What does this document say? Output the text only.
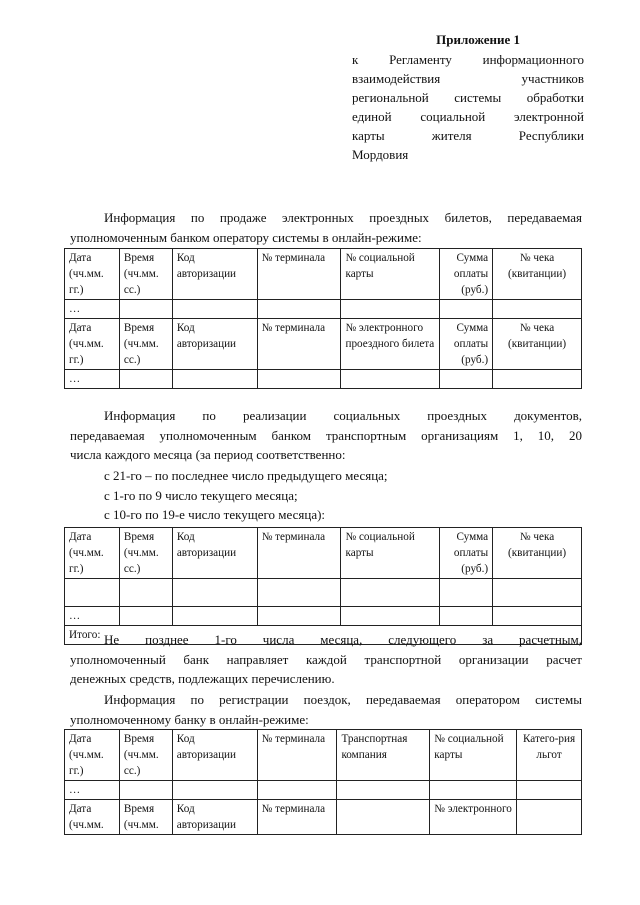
Приложение 1
к Регламенту информационного
взаимодействия участников
региональной системы обработки
единой социальной электронной
карты жителя Республики
Мордовия
Информация по продаже электронных проездных билетов, передаваемая
уполномоченным банком оператору системы в онлайн-режиме:
Дата (чч.мм. гг.)	Время (чч.мм. сс.)	Код авторизации	№ терминала	№ социальной карты	Сумма оплаты (руб.)	№ чека (квитанции)
…						
Дата (чч.мм. гг.)	Время (чч.мм. сс.)	Код авторизации	№ терминала	№ электронного проездного билета	Сумма оплаты (руб.)	№ чека (квитанции)
…						
Информация по реализации социальных проездных документов,
передаваемая уполномоченным банком транспортным организациям 1, 10, 20
числа каждого месяца (за период соответственно:
с 21-го – по последнее число предыдущего месяца;
с 1-го по 9 число текущего месяца;
с 10-го по 19-е число текущего месяца):
Дата (чч.мм. гг.)	Время (чч.мм. сс.)	Код авторизации	№ терминала	№ социальной карты	Сумма оплаты (руб.)	№ чека (квитанции)

…						
Итого:						Не позднее 1-го числа месяца, следующего за расчетным,
уполномоченный банк направляет каждой транспортной организации расчет
денежных средств, подлежащих перечислению.
Информация по регистрации поездок, передаваемая оператором системы
уполномоченному банку в онлайн-режиме:
Дата (чч.мм. гг.)	Время (чч.мм. сс.)	Код авторизации	№ терминала	Транспортная компания	№ социальной карты	Катего-рия льгот
…						
Дата (чч.мм.	Время (чч.мм.	Код авторизации	№ терминала		№ электронного	
